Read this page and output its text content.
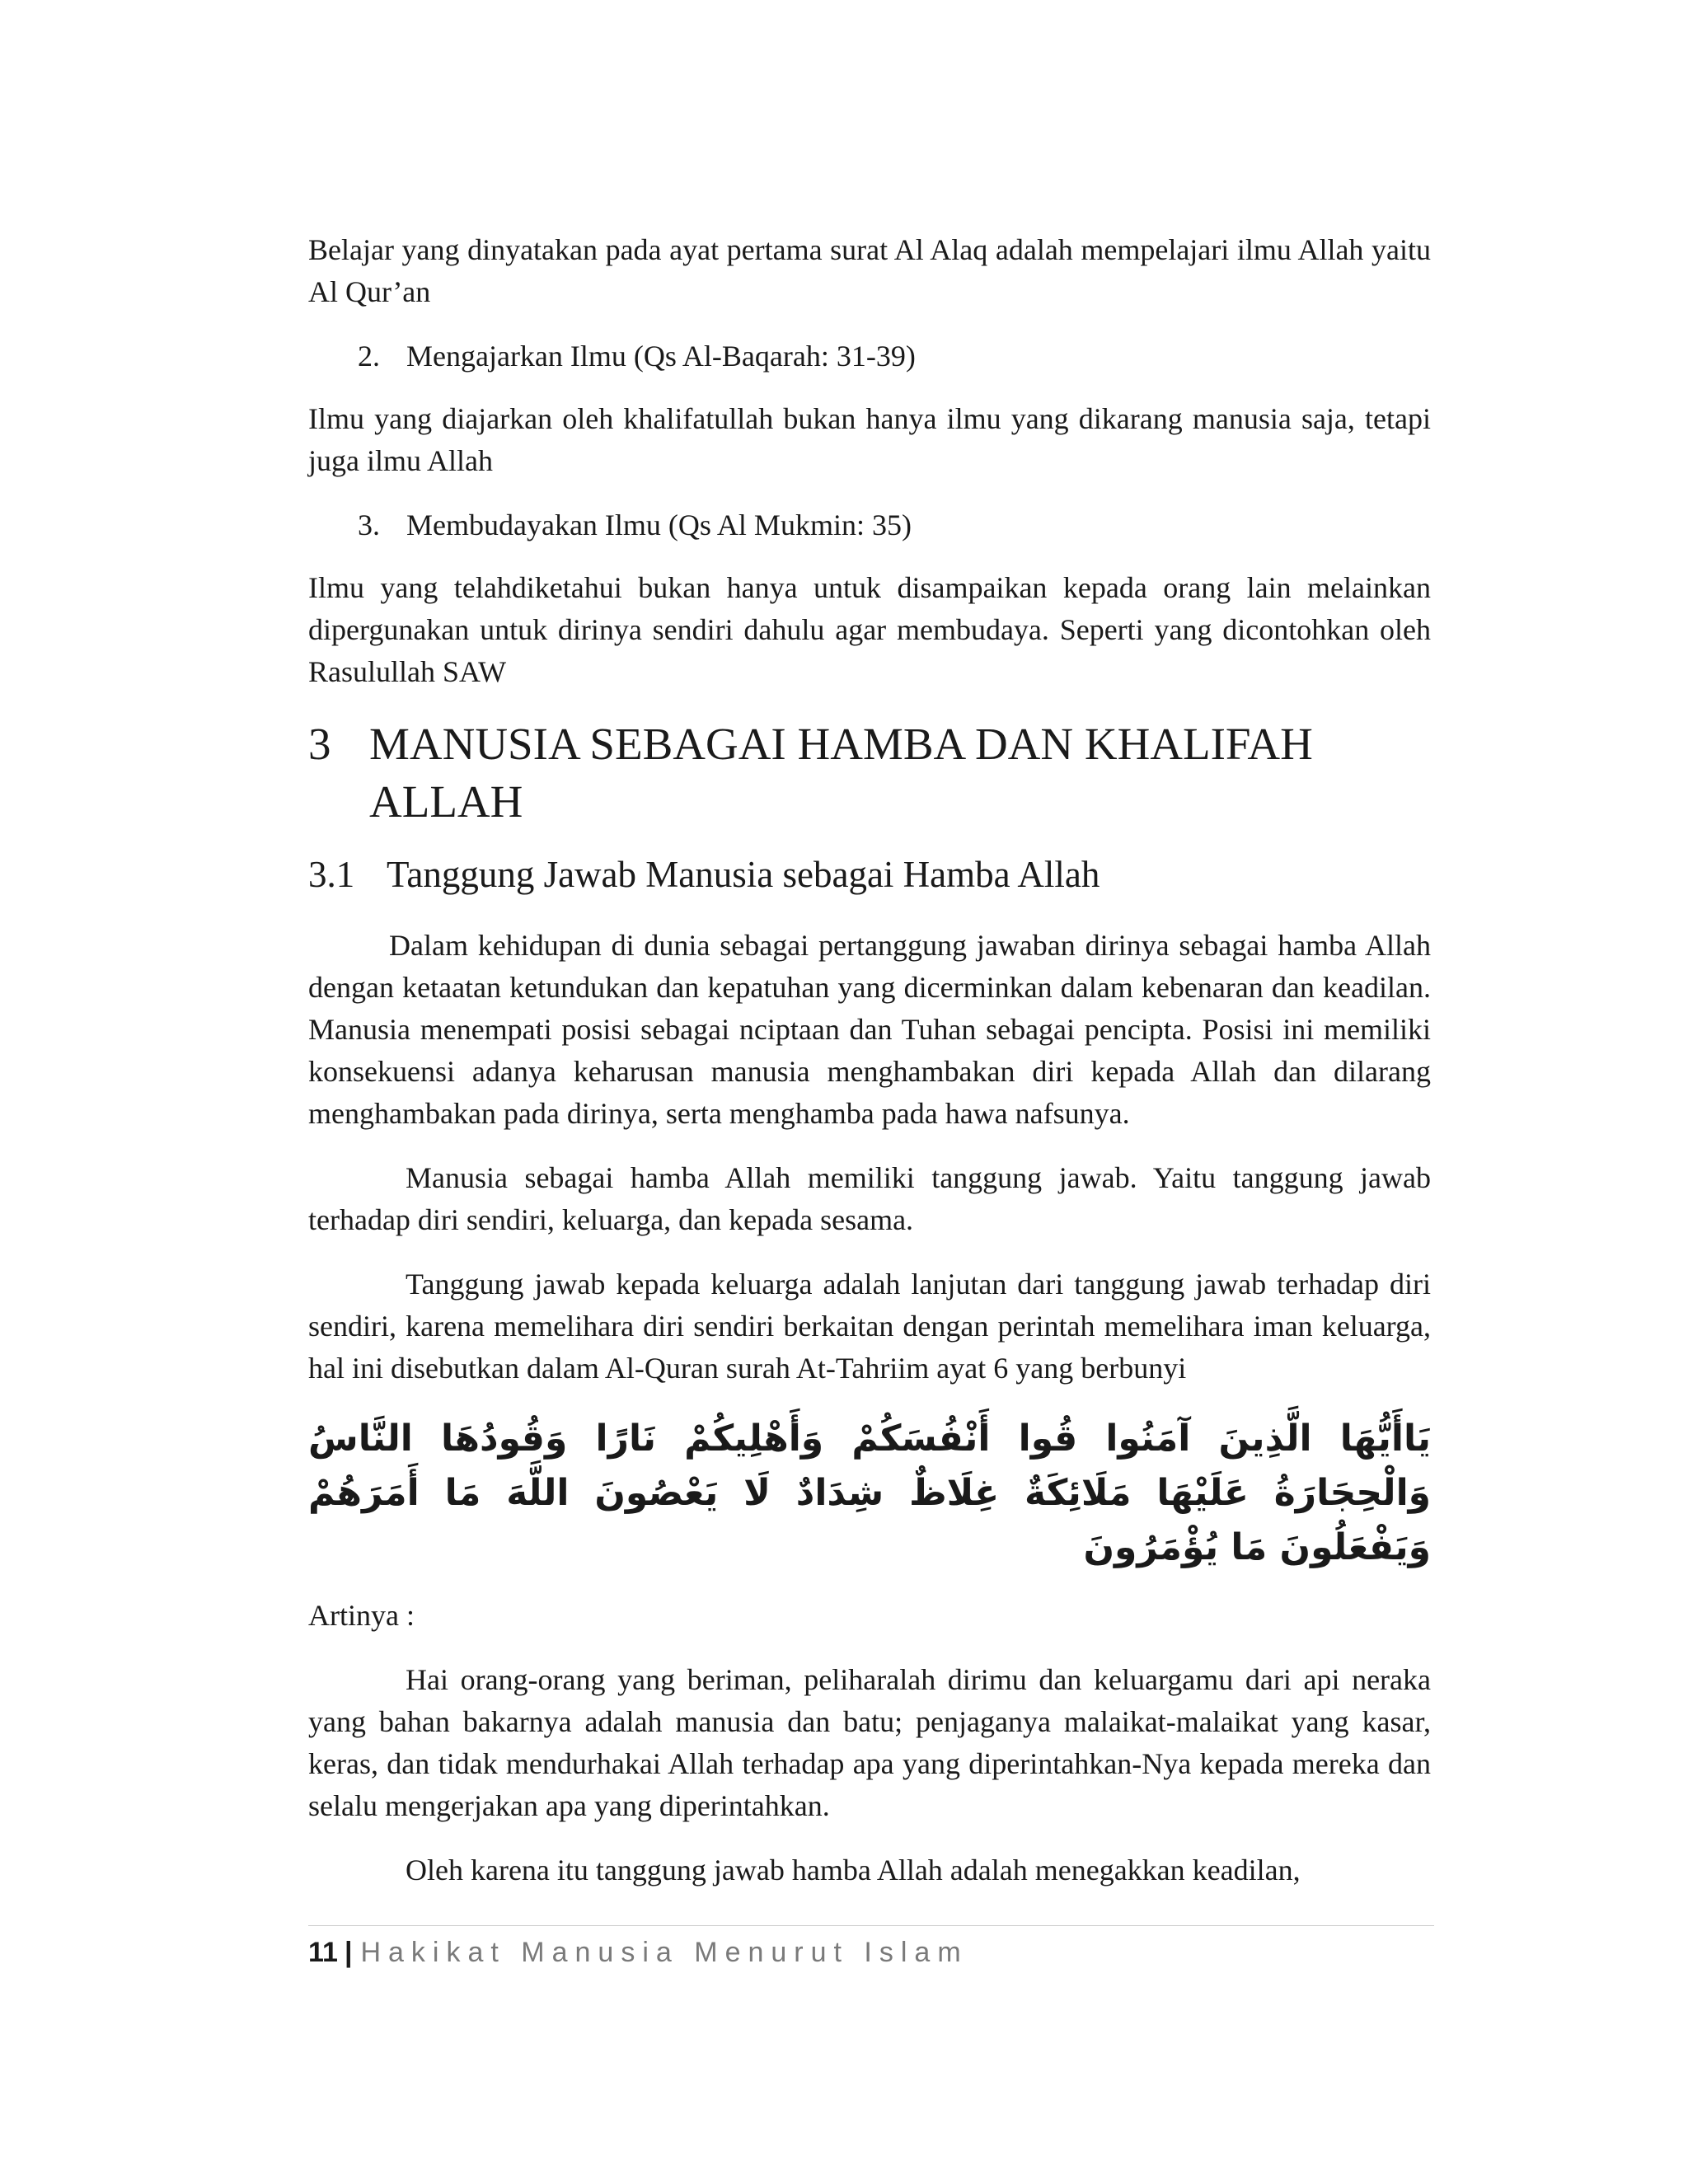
Belajar yang dinyatakan pada ayat pertama surat Al Alaq adalah mempelajari ilmu Allah yaitu Al Qur’an

2. Mengajarkan Ilmu (Qs Al-Baqarah: 31-39)

Ilmu yang diajarkan oleh khalifatullah bukan hanya ilmu yang dikarang manusia saja, tetapi juga ilmu Allah

3. Membudayakan Ilmu (Qs Al Mukmin: 35)

Ilmu yang telahdiketahui bukan hanya untuk disampaikan kepada orang lain melainkan dipergunakan untuk dirinya sendiri dahulu agar membudaya. Seperti yang dicontohkan oleh Rasulullah SAW

3 MANUSIA SEBAGAI HAMBA DAN KHALIFAH ALLAH
3.1 Tanggung Jawab Manusia sebagai Hamba Allah

Dalam kehidupan di dunia sebagai pertanggung jawaban dirinya sebagai hamba Allah dengan ketaatan ketundukan dan kepatuhan yang dicerminkan dalam kebenaran dan keadilan. Manusia menempati posisi sebagai nciptaan dan Tuhan sebagai pencipta. Posisi ini memiliki konsekuensi adanya keharusan manusia menghambakan diri kepada Allah dan dilarang menghambakan pada dirinya, serta menghamba pada hawa nafsunya.

Manusia sebagai hamba Allah memiliki tanggung jawab. Yaitu tanggung jawab terhadap diri sendiri, keluarga, dan kepada sesama.

Tanggung jawab kepada keluarga adalah lanjutan dari tanggung jawab terhadap diri sendiri, karena memelihara diri sendiri berkaitan dengan perintah memelihara iman keluarga, hal ini disebutkan dalam Al-Quran surah At-Tahriim ayat 6 yang berbunyi

يَاأَيُّهَا الَّذِينَ آمَنُوا قُوا أَنْفُسَكُمْ وَأَهْلِيكُمْ نَارًا وَقُودُهَا النَّاسُ وَالْحِجَارَةُ عَلَيْهَا مَلَائِكَةٌ غِلَاظٌ شِدَادٌ لَا يَعْصُونَ اللَّهَ مَا أَمَرَهُمْ وَيَفْعَلُونَ مَا يُؤْمَرُونَ

Artinya :

Hai orang-orang yang beriman, peliharalah dirimu dan keluargamu dari api neraka yang bahan bakarnya adalah manusia dan batu; penjaganya malaikat-malaikat yang kasar, keras, dan tidak mendurhakai Allah terhadap apa yang diperintahkan-Nya kepada mereka dan selalu mengerjakan apa yang diperintahkan.

Oleh karena itu tanggung jawab hamba Allah adalah menegakkan keadilan,

11 | Hakikat Manusia Menurut Islam
